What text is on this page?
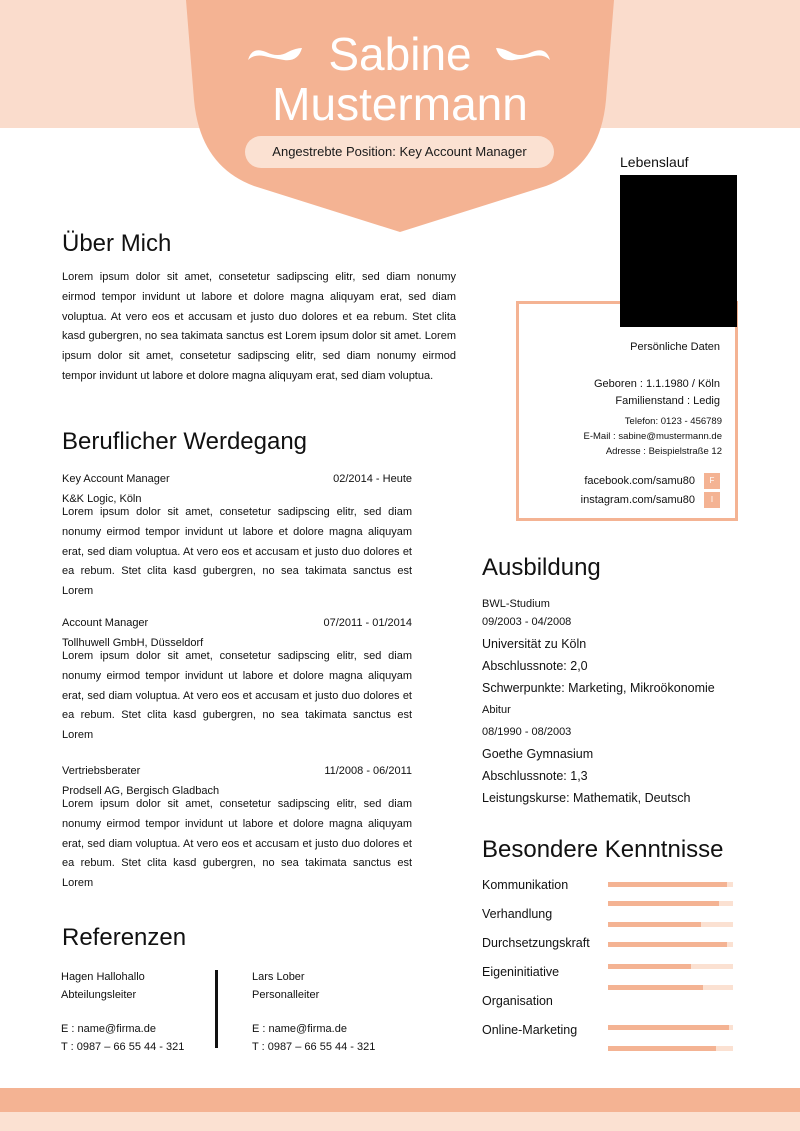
Sabine
Mustermann
Angestrebte Position: Key Account Manager
Lebenslauf
Über Mich
Lorem ipsum dolor sit amet, consetetur sadipscing elitr, sed diam nonumy eirmod tempor invidunt ut labore et dolore magna aliquyam erat, sed diam voluptua. At vero eos et accusam et justo duo dolores et ea rebum. Stet clita kasd gubergren, no sea takimata sanctus est Lorem ipsum dolor sit amet. Lorem ipsum dolor sit amet, consetetur sadipscing elitr, sed diam nonumy eirmod tempor invidunt ut labore et dolore magna aliquyam erat, sed diam voluptua.
Beruflicher Werdegang
Key Account Manager	02/2014 - Heute
K&K Logic, Köln
Lorem ipsum dolor sit amet, consetetur sadipscing elitr, sed diam nonumy eirmod tempor invidunt ut labore et dolore magna aliquyam erat, sed diam voluptua. At vero eos et accusam et justo duo dolores et ea rebum. Stet clita kasd gubergren, no sea takimata sanctus est Lorem
Account Manager	07/2011 - 01/2014
Tollhuwell GmbH, Düsseldorf
Lorem ipsum dolor sit amet, consetetur sadipscing elitr, sed diam nonumy eirmod tempor invidunt ut labore et dolore magna aliquyam erat, sed diam voluptua. At vero eos et accusam et justo duo dolores et ea rebum. Stet clita kasd gubergren, no sea takimata sanctus est Lorem
Vertriebsberater	11/2008 - 06/2011
Prodsell AG, Bergisch Gladbach
Lorem ipsum dolor sit amet, consetetur sadipscing elitr, sed diam nonumy eirmod tempor invidunt ut labore et dolore magna aliquyam erat, sed diam voluptua. At vero eos et accusam et justo duo dolores et ea rebum. Stet clita kasd gubergren, no sea takimata sanctus est Lorem
Referenzen
Hagen Hallohallo
Abteilungsleiter
E : name@firma.de
T : 0987 – 66 55 44 - 321
Lars Lober
Personalleiter
E : name@firma.de
T : 0987 – 66 55 44 - 321
Persönliche Daten
Geboren : 1.1.1980 / Köln
Familienstand : Ledig
Telefon: 0123 - 456789
E-Mail : sabine@mustermann.de
Adresse : Beispielstraße 12
facebook.com/samu80	F
instagram.com/samu80	I
Ausbildung
BWL-Studium
09/2003 - 04/2008
Universität zu Köln
Abschlussnote: 2,0
Schwerpunkte: Marketing, Mikroökonomie
Abitur
08/1990 - 08/2003
Goethe Gymnasium
Abschlussnote: 1,3
Leistungskurse: Mathematik, Deutsch
Besondere Kenntnisse
Kommunikation
Verhandlung
Durchsetzungskraft
Eigeninitiative
Organisation
Online-Marketing
